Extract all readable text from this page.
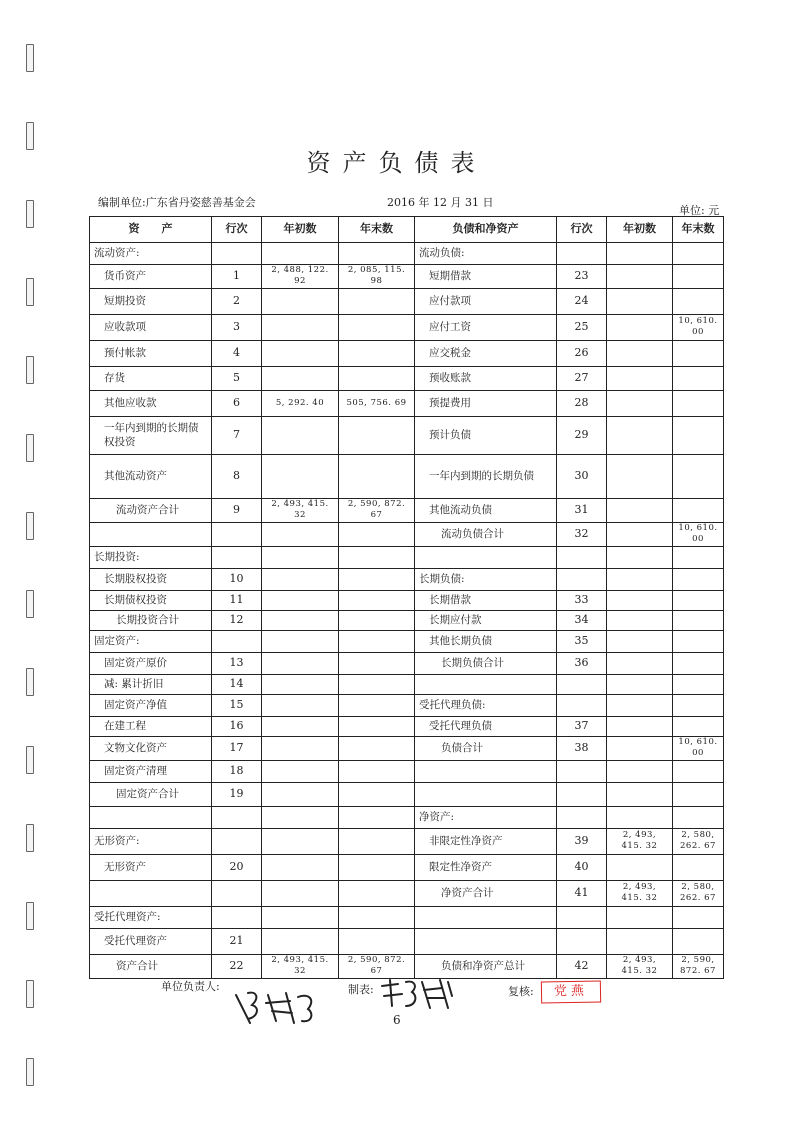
资产负债表
编制单位:广东省丹姿慈善基金会	2016 年 12 月 31 日
单位: 元
资　　产	行次	年初数	年末数	负债和净资产	行次	年初数	年末数
流动资产:				流动负债:			
货币资产	1	2, 488, 122. 92	2, 085, 115. 98	短期借款	23		
短期投资	2			应付款项	24		
应收款项	3			应付工资	25		10, 610. 00
预付帐款	4			应交税金	26		
存货	5			预收账款	27		
其他应收款	6	5, 292. 40	505, 756. 69	预提费用	28		
一年内到期的长期债权投资	7			预计负债	29		
其他流动资产	8			一年内到期的长期负债	30		
流动资产合计	9	2, 493, 415. 32	2, 590, 872. 67	其他流动负债	31		
				流动负债合计	32		10, 610. 00
长期投资:							
长期股权投资	10			长期负债:			
长期债权投资	11			长期借款	33		
长期投资合计	12			长期应付款	34		
固定资产:				其他长期负债	35		
固定资产原价	13			长期负债合计	36		
减: 累计折旧	14						
固定资产净值	15			受托代理负债:			
在建工程	16			受托代理负债	37		
文物文化资产	17			负债合计	38		10, 610. 00
固定资产清理	18						
固定资产合计	19						
				净资产:			
无形资产:				非限定性净资产	39	2, 493, 415. 32	2, 580, 262. 67
无形资产	20			限定性净资产	40		
				净资产合计	41	2, 493, 415. 32	2, 580, 262. 67
受托代理资产:							
受托代理资产	21						
资产合计	22	2, 493, 415. 32	2, 590, 872. 67	负债和净资产总计	42	2, 493, 415. 32	2, 590, 872. 67
单位负责人:	制表:	复核:	党燕
6
